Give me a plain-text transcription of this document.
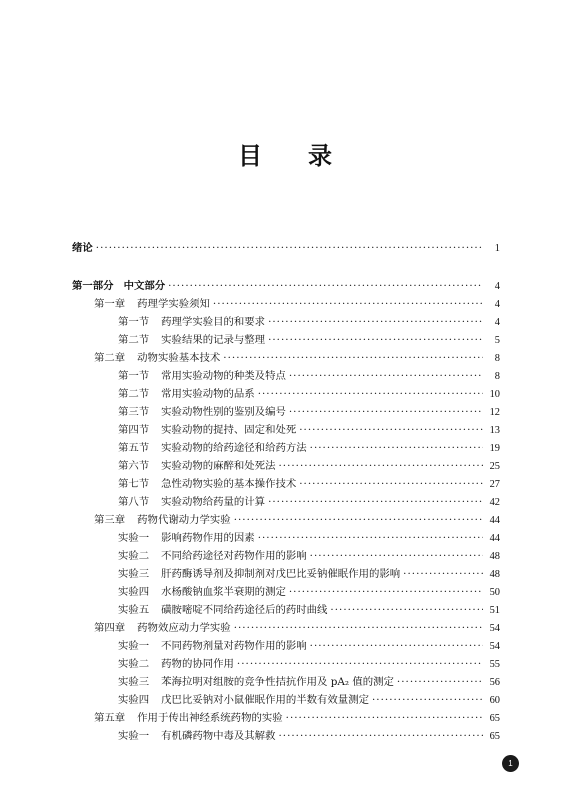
目 录
绪论 ·····	1
第一部分 中文部分 ·····	4
第一章 药理学实验须知 ·····	4
第一节 药理学实验目的和要求 ·····	4
第二节 实验结果的记录与整理 ·····	5
第二章 动物实验基本技术 ·····	8
第一节 常用实验动物的种类及特点 ·····	8
第二节 常用实验动物的品系 ·····	10
第三节 实验动物性别的鉴别及编号 ·····	12
第四节 实验动物的捉持、固定和处死 ·····	13
第五节 实验动物的给药途径和给药方法 ·····	19
第六节 实验动物的麻醉和处死法 ·····	25
第七节 急性动物实验的基本操作技术 ·····	27
第八节 实验动物给药量的计算 ·····	42
第三章 药物代谢动力学实验 ·····	44
实验一 影响药物作用的因素 ·····	44
实验二 不同给药途径对药物作用的影响 ·····	48
实验三 肝药酶诱导剂及抑制剂对戊巴比妥钠催眠作用的影响 ·····	48
实验四 水杨酸钠血浆半衰期的测定 ·····	50
实验五 磺胺嘧啶不同给药途径后的药时曲线 ·····	51
第四章 药物效应动力学实验 ·····	54
实验一 不同药物剂量对药物作用的影响 ·····	54
实验二 药物的协同作用 ·····	55
实验三 苯海拉明对组胺的竞争性拮抗作用及 pA₂ 值的测定 ·····	56
实验四 戊巴比妥钠对小鼠催眠作用的半数有效量测定 ·····	60
第五章 作用于传出神经系统药物的实验 ·····	65
实验一 有机磷药物中毒及其解救 ·····	65
1
